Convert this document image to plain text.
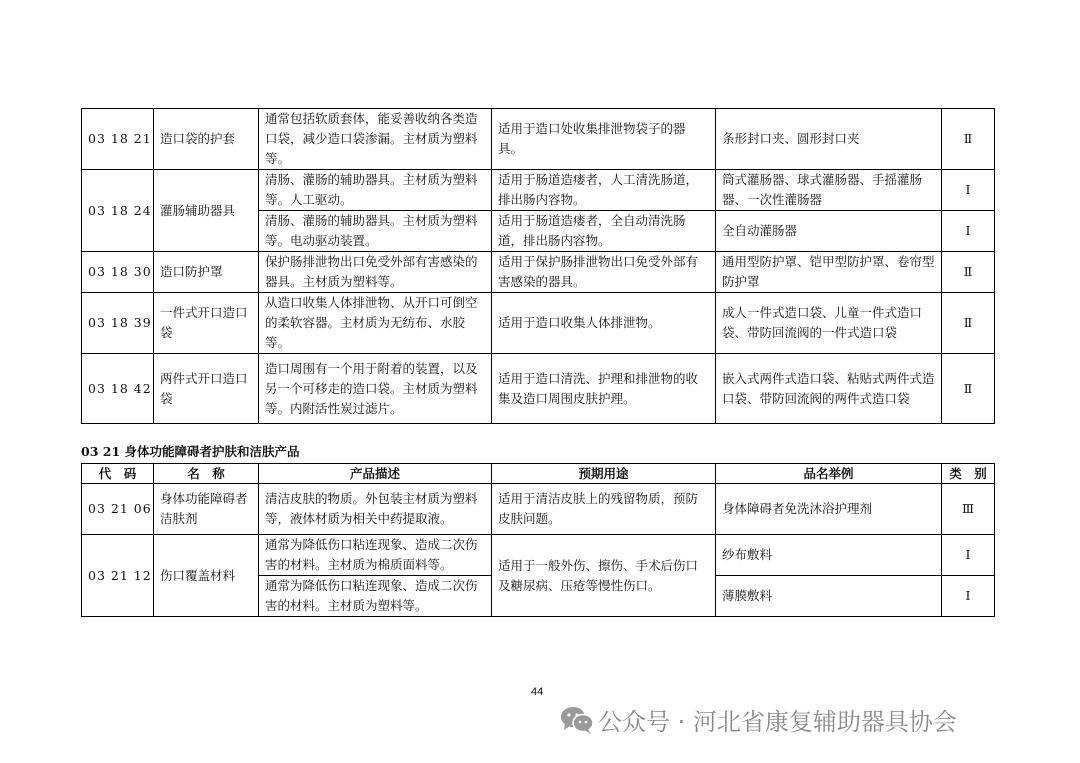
03 18 21	造口袋的护套	通常包括软质套体，能妥善收纳各类造口袋，减少造口袋渗漏。主材质为塑料等。	适用于造口处收集排泄物袋子的器具。	条形封口夹、圆形封口夹	Ⅱ
03 18 24	灌肠辅助器具	清肠、灌肠的辅助器具。主材质为塑料等。人工驱动。	适用于肠道造瘘者，人工清洗肠道，排出肠内容物。	筒式灌肠器、球式灌肠器、手摇灌肠器、一次性灌肠器	Ⅰ
		清肠、灌肠的辅助器具。主材质为塑料等。电动驱动装置。	适用于肠道造瘘者，全自动清洗肠道，排出肠内容物。	全自动灌肠器	Ⅰ
03 18 30	造口防护罩	保护肠排泄物出口免受外部有害感染的器具。主材质为塑料等。	适用于保护肠排泄物出口免受外部有害感染的器具。	通用型防护罩、铠甲型防护罩、卷帘型防护罩	Ⅱ
03 18 39	一件式开口造口袋	从造口收集人体排泄物、从开口可倒空的柔软容器。主材质为无纺布、水胶等。	适用于造口收集人体排泄物。	成人一件式造口袋、儿童一件式造口袋、带防回流阀的一件式造口袋	Ⅱ
03 18 42	两件式开口造口袋	造口周围有一个用于附着的装置，以及另一个可移走的造口袋。主材质为塑料等。内附活性炭过滤片。	适用于造口清洗、护理和排泄物的收集及造口周围皮肤护理。	嵌入式两件式造口袋、粘贴式两件式造口袋、带防回流阀的两件式造口袋	Ⅱ
03 21 身体功能障碍者护肤和洁肤产品
代　码	名　称	产品描述	预期用途	品名举例	类　别
03 21 06	身体功能障碍者洁肤剂	清洁皮肤的物质。外包装主材质为塑料等，液体材质为相关中药提取液。	适用于清洁皮肤上的残留物质，预防皮肤问题。	身体障碍者免洗沐浴护理剂	Ⅲ
03 21 12	伤口覆盖材料	通常为降低伤口粘连现象、造成二次伤害的材料。主材质为棉质面料等。	适用于一般外伤、擦伤、手术后伤口及糖尿病、压疮等慢性伤口。	纱布敷料	Ⅰ
		通常为降低伤口粘连现象、造成二次伤害的材料。主材质为塑料等。		薄膜敷料	Ⅰ
44
公众号 · 河北省康复辅助器具协会
